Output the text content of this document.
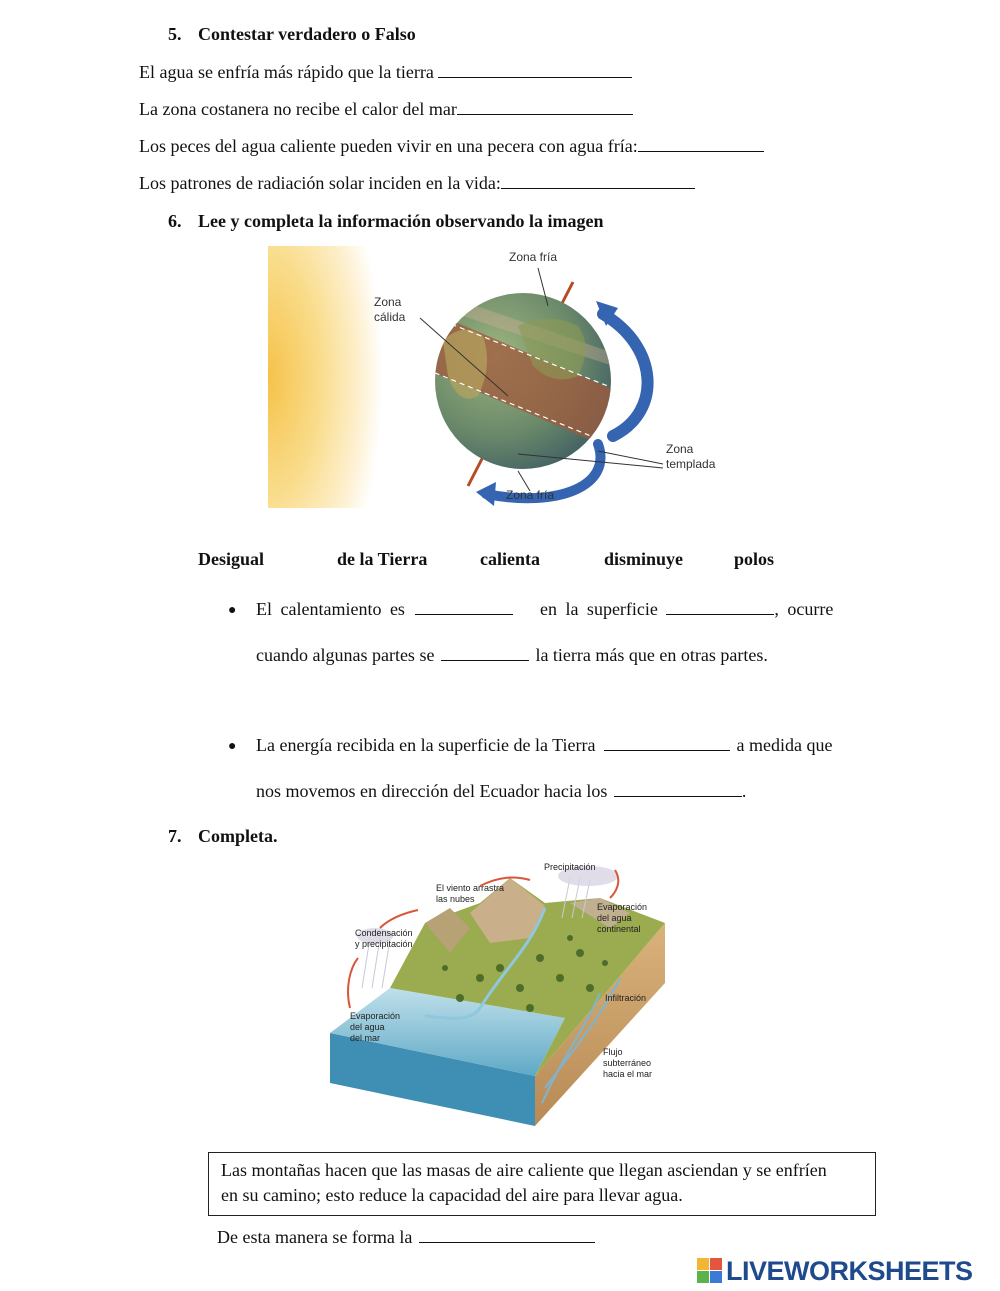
5. Contestar verdadero o Falso
El agua se enfría más rápido que la tierra
La zona costanera no recibe el calor del mar
Los peces del agua caliente pueden vivir en una pecera con agua fría:
Los patrones de radiación solar inciden en la vida:
6. Lee y completa la información observando la imagen
Zona fría
Zona
cálida
Zona
templada
Zona fría
Desigual	de la Tierra	calienta	disminuye	polos
● El calentamiento es	en la superficie	, ocurre
cuando algunas partes se	la tierra más que en otras partes.
● La energía recibida en la superficie de la Tierra	a medida que
nos movemos en dirección del Ecuador hacia los	.
7. Completa.
Precipitación
El viento arrastra
las nubes
Evaporación
del agua
continental
Condensación
y precipitación
Infiltración
Evaporación
del agua
del mar
Flujo
subterráneo
hacia el mar
Las montañas hacen que las masas de aire caliente que llegan asciendan y se enfríen
en su camino; esto reduce la capacidad del aire para llevar agua.
De esta manera se forma la
LIVEWORKSHEETS
